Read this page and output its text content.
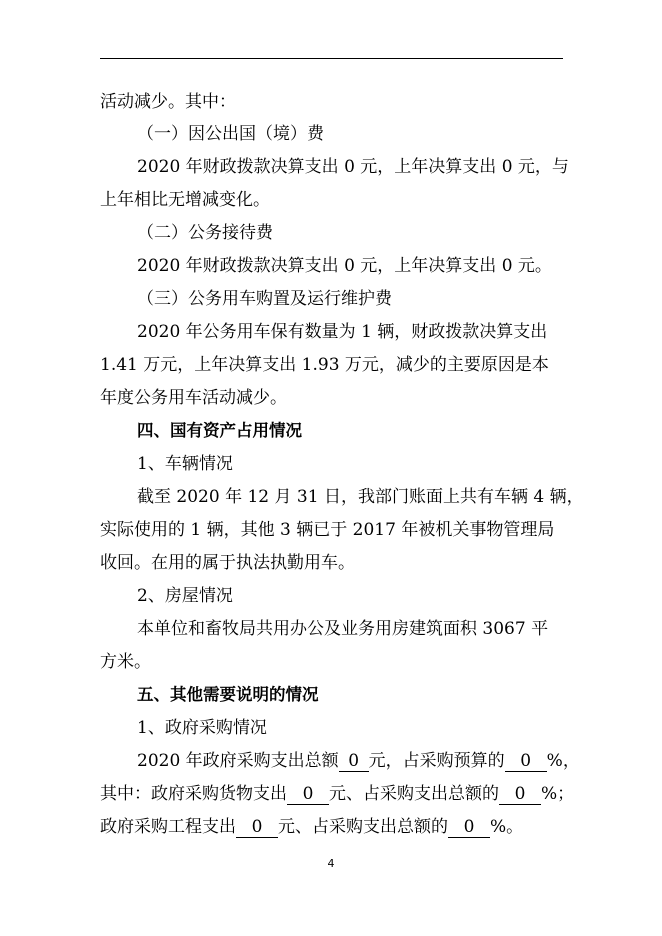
活动减少。其中：
（一）因公出国（境）费
2020 年财政拨款决算支出 0 元，上年决算支出 0 元，与
上年相比无增减变化。
（二）公务接待费
2020 年财政拨款决算支出 0 元，上年决算支出 0 元。
（三）公务用车购置及运行维护费
2020 年公务用车保有数量为 1 辆，财政拨款决算支出
1.41 万元，上年决算支出 1.93 万元，减少的主要原因是本
年度公务用车活动减少。
四、国有资产占用情况
1、车辆情况
截至 2020 年 12 月 31 日，我部门账面上共有车辆 4 辆，
实际使用的 1 辆，其他 3 辆已于 2017 年被机关事物管理局
收回。在用的属于执法执勤用车。
2、房屋情况
本单位和畜牧局共用办公及业务用房建筑面积 3067 平
方米。
五、其他需要说明的情况
1、政府采购情况
2020 年政府采购支出总额 0 元，占采购预算的 0 %，
其中：政府采购货物支出 0 元、占采购支出总额的 0 %；
政府采购工程支出 0 元、占采购支出总额的 0 %。
4
